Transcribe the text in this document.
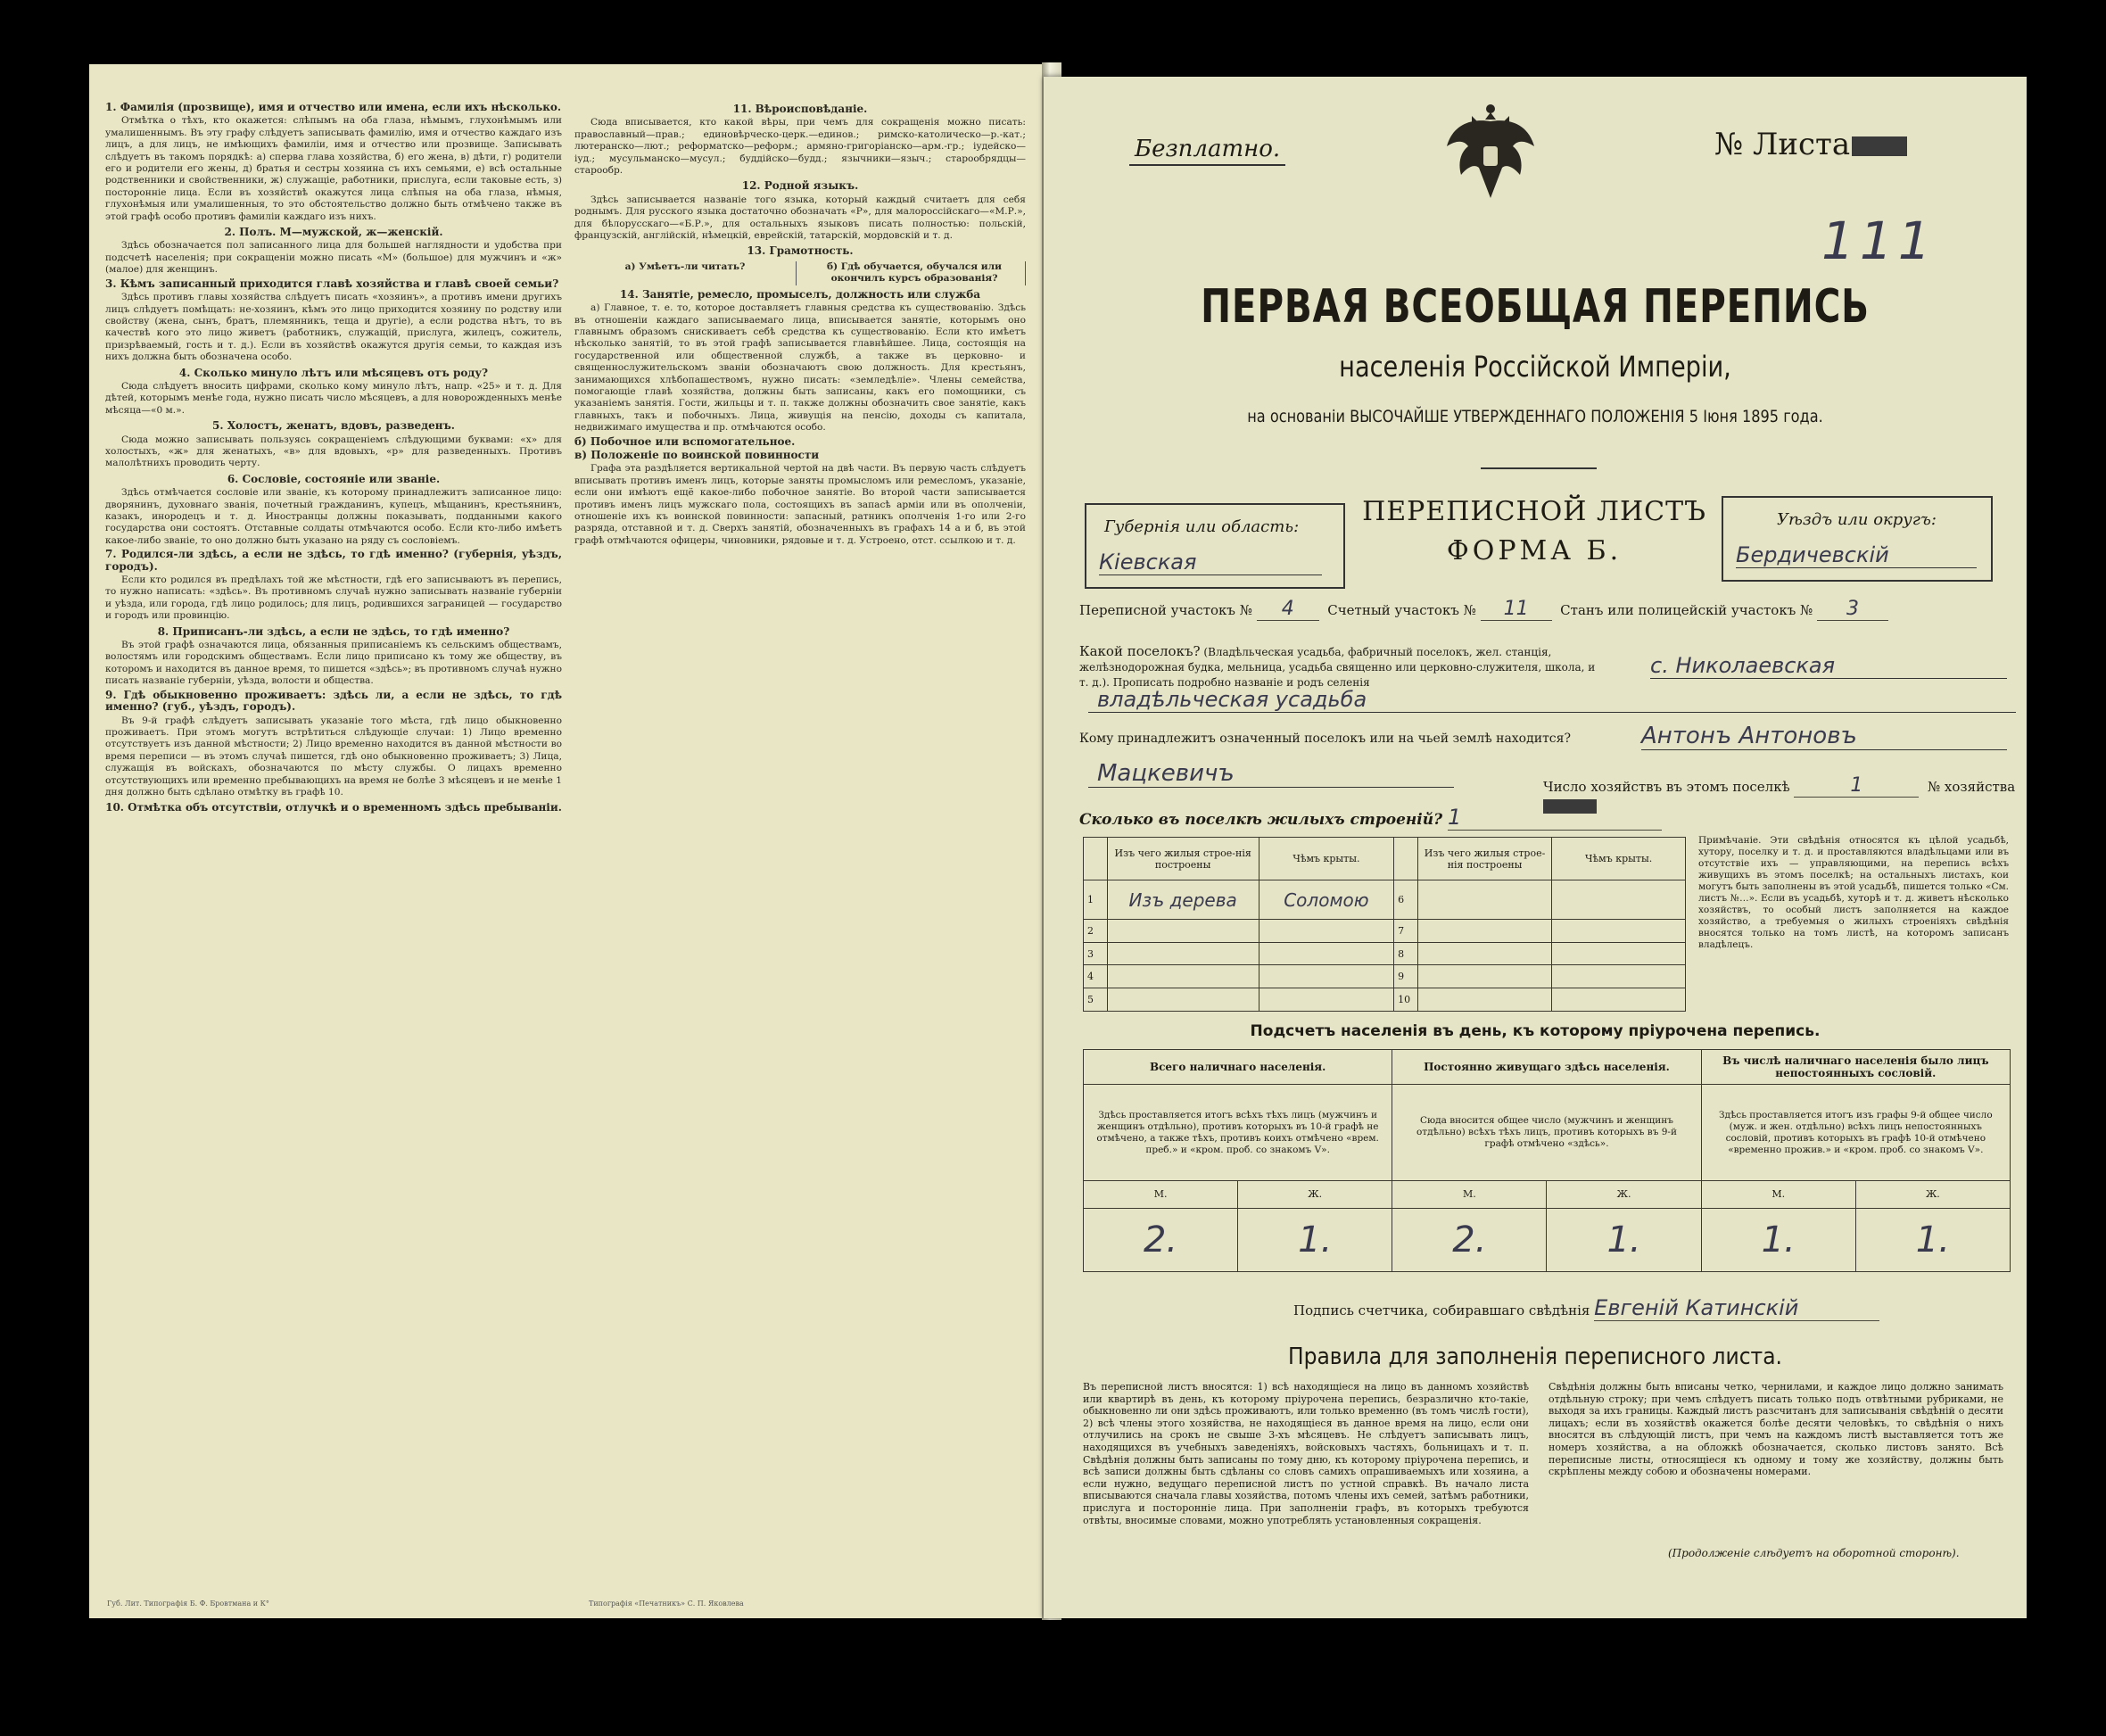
1. Фамилія (прозвище), имя и отчество или имена, если ихъ нѣсколько.
Отмѣтка о тѣхъ, кто окажется: слѣпымъ на оба глаза, нѣмымъ, глухонѣмымъ или умалишеннымъ. Въ эту графу слѣдуетъ записывать фамилію, имя и отчество каждаго изъ лицъ, а для лицъ, не имѣющихъ фамиліи, имя и отчество или прозвище. Записывать слѣдуетъ въ такомъ порядкѣ: а) сперва глава хозяйства, б) его жена, в) дѣти, г) родители его и родители его жены, д) братья и сестры хозяина съ ихъ семьями, е) всѣ остальные родственники и свойственники, ж) служащіе, работники, прислуга, если таковые есть, з) посторонніе лица. Если въ хозяйствѣ окажутся лица слѣпыя на оба глаза, нѣмыя, глухонѣмыя или умалишенныя, то это обстоятельство должно быть отмѣчено также въ этой графѣ особо противъ фамиліи каждаго изъ нихъ.
2. Полъ. М—мужской, ж—женскій.
Здѣсь обозначается пол записанного лица для большей наглядности и удобства при подсчетѣ населенія; при сокращеніи можно писать «М» (большое) для мужчинъ и «ж» (малое) для женщинъ.
3. Кѣмъ записанный приходится главѣ хозяйства и главѣ своей семьи?
Здѣсь противъ главы хозяйства слѣдуетъ писать «хозяинъ», а противъ имени другихъ лицъ слѣдуетъ помѣщать: не-хозяинъ, кѣмъ это лицо приходится хозяину по родству или свойству (жена, сынъ, братъ, племянникъ, теща и другіе), а если родства нѣтъ, то въ качествѣ кого это лицо живетъ (работникъ, служащій, прислуга, жилецъ, сожитель, призрѣваемый, гость и т. д.). Если въ хозяйствѣ окажутся другія семьи, то каждая изъ нихъ должна быть обозначена особо.
4. Сколько минуло лѣтъ или мѣсяцевъ отъ роду?
Сюда слѣдуетъ вносить цифрами, сколько кому минуло лѣтъ, напр. «25» и т. д. Для дѣтей, которымъ менѣе года, нужно писать число мѣсяцевъ, а для новорожденныхъ менѣе мѣсяца—«0 м.».
5. Холостъ, женатъ, вдовъ, разведенъ.
Сюда можно записывать пользуясь сокращеніемъ слѣдующими буквами: «х» для холостыхъ, «ж» для женатыхъ, «в» для вдовыхъ, «р» для разведенныхъ. Противъ малолѣтнихъ проводить черту.
6. Сословіе, состояніе или званіе.
Здѣсь отмѣчается сословіе или званіе, къ которому принадлежитъ записанное лицо: дворянинъ, духовнаго званія, почетный гражданинъ, купецъ, мѣщанинъ, крестьянинъ, казакъ, инородецъ и т. д. Иностранцы должны показывать, подданными какого государства они состоятъ. Отставные солдаты отмѣчаются особо. Если кто-либо имѣетъ какое-либо званіе, то оно должно быть указано на ряду съ сословіемъ.
7. Родился-ли здѣсь, а если не здѣсь, то гдѣ именно? (губернія, уѣздъ, городъ).
Если кто родился въ предѣлахъ той же мѣстности, гдѣ его записываютъ въ перепись, то нужно написать: «здѣсь». Въ противномъ случаѣ нужно записывать названіе губерніи и уѣзда, или города, гдѣ лицо родилось; для лицъ, родившихся заграницей — государство и городъ или провинцію.
8. Приписанъ-ли здѣсь, а если не здѣсь, то гдѣ именно?
Въ этой графѣ означаются лица, обязанныя приписаніемъ къ сельскимъ обществамъ, волостямъ или городскимъ обществамъ. Если лицо приписано къ тому же обществу, въ которомъ и находится въ данное время, то пишется «здѣсь»; въ противномъ случаѣ нужно писать названіе губерніи, уѣзда, волости и общества.
9. Гдѣ обыкновенно проживаетъ: здѣсь ли, а если не здѣсь, то гдѣ именно? (губ., уѣздъ, городъ).
Въ 9-й графѣ слѣдуетъ записывать указаніе того мѣста, гдѣ лицо обыкновенно проживаетъ. При этомъ могутъ встрѣтиться слѣдующіе случаи: 1) Лицо временно отсутствуетъ изъ данной мѣстности; 2) Лицо временно находится въ данной мѣстности во время переписи — въ этомъ случаѣ пишется, гдѣ оно обыкновенно проживаетъ; 3) Лица, служащія въ войскахъ, обозначаются по мѣсту службы. О лицахъ временно отсутствующихъ или временно пребывающихъ на время не болѣе 3 мѣсяцевъ и не менѣе 1 дня должно быть сдѣлано отмѣтку въ графѣ 10.
10. Отмѣтка объ отсутствіи, отлучкѣ и о временномъ здѣсь пребываніи.
11. Вѣроисповѣданіе.
Сюда вписывается, кто какой вѣры, при чемъ для сокращенія можно писать: православный—прав.; единовѣрческо-церк.—единов.; римско-католическо—р.-кат.; лютеранско—лют.; реформатско—реформ.; армяно-григоріанско—арм.-гр.; іудейско—іуд.; мусульманско—мусул.; буддійско—будд.; язычники—языч.; старообрядцы—старообр.
12. Родной языкъ.
Здѣсь записывается названіе того языка, который каждый считаетъ для себя роднымъ. Для русского языка достаточно обозначать «Р», для малороссійскаго—«М.Р.», для бѣлорусскаго—«Б.Р.», для остальныхъ языковъ писать полностью: польскій, французскій, англійскій, нѣмецкій, еврейскій, татарскій, мордовскій и т. д.
13. Грамотность.
а) Умѣетъ-ли читать?	б) Гдѣ обучается, обучался или окончилъ курсъ образованія?
14. Занятіе, ремесло, промыселъ, должность или служба
а) Главное, т. е. то, которое доставляетъ главныя средства къ существованію. Здѣсь въ отношеніи каждаго записываемаго лица, вписывается занятіе, которымъ оно главнымъ образомъ снискиваетъ себѣ средства къ существованію. Если кто имѣетъ нѣсколько занятій, то въ этой графѣ записывается главнѣйшее. Лица, состоящія на государственной или общественной службѣ, а также въ церковно- и священнослужительскомъ званіи обозначаютъ свою должность. Для крестьянъ, занимающихся хлѣбопашествомъ, нужно писать: «земледѣліе». Члены семейства, помогающіе главѣ хозяйства, должны быть записаны, какъ его помощники, съ указаніемъ занятія. Гости, жильцы и т. п. также должны обозначить свое занятіе, какъ главныхъ, такъ и побочныхъ. Лица, живущія на пенсію, доходы съ капитала, недвижимаго имущества и пр. отмѣчаются особо.
б) Побочное или вспомогательное.
в) Положеніе по воинской повинности
Графа эта раздѣляется вертикальной чертой на двѣ части. Въ первую часть слѣдуетъ вписывать противъ именъ лицъ, которые заняты промысломъ или ремесломъ, указаніе, если они имѣютъ ещё какое-либо побочное занятіе. Во второй части записывается противъ именъ лицъ мужскаго пола, состоящихъ въ запасѣ арміи или въ ополченіи, отношеніе ихъ къ воинской повинности: запасный, ратникъ ополченія 1-го или 2-го разряда, отставной и т. д. Сверхъ занятій, обозначенныхъ въ графахъ 14 а и б, въ этой графѣ отмѣчаются офицеры, чиновники, рядовые и т. д. Устроено, отст. ссылкою и т. д.
Губ. Лит. Типографія Б. Ф. Бровтмана и К°	Типографія «Печатникъ» С. П. Яковлева
Безплатно.	№ Листа
111
ПЕРВАЯ ВСЕОБЩАЯ ПЕРЕПИСЬ
населенія Россійской Имперіи,
на основаніи ВЫСОЧАЙШЕ УТВЕРЖДЕННАГО ПОЛОЖЕНІЯ 5 Іюня 1895 года.
Губернія или область:
Кіевская
ПЕРЕПИСНОЙ ЛИСТЪ
ФОРМА Б.
Уѣздъ или округъ:
Бердичевскій
Переписной участокъ № 4	Счетный участокъ № 11 Станъ или полицейскій участокъ № 3
Какой поселокъ? (Владѣльческая усадьба, фабричный поселокъ, жел. станція, желѣзнодорожная будка, мельница, усадьба священно или церковно-служителя, школа, и т. д.). Прописать подробно названіе и родъ селенія
с. Николаевская
владѣльческая усадьба
Кому принадлежитъ означенный поселокъ или на чьей землѣ находится?	Антонъ Антоновъ
Мацкевичъ	Число хозяйствъ въ этомъ поселкѣ	1	№ хозяйства
Сколько въ поселкѣ жилыхъ строеній? 1
	Изъ чего жилыя строе-нія построены	Чѣмъ крыты.		Изъ чего жилыя строе-нія построены	Чѣмъ крыты.
1	Изъ дерева	Соломою	6		
2			7		
3			8		
4			9		
5			10		
Примѣчаніе. Эти свѣдѣнія относятся къ цѣлой усадьбѣ, хутору, поселку и т. д. и проставляются владѣльцами или въ отсутствіе ихъ — управляющими, на перепись всѣхъ живущихъ въ этомъ поселкѣ; на остальныхъ листахъ, кои могутъ быть заполнены въ этой усадьбѣ, пишется только «См. листъ №…». Если въ усадьбѣ, хуторѣ и т. д. живетъ нѣсколько хозяйствъ, то особый листъ заполняется на каждое хозяйство, а требуемыя о жилыхъ строеніяхъ свѣдѣнія вносятся только на томъ листѣ, на которомъ записанъ владѣлецъ.
Подсчетъ населенія въ день, къ которому пріурочена перепись.
Всего наличнаго населенія.		Постоянно живущаго здѣсь населенія.		Въ числѣ наличнаго населенія было лицъ непостоянныхъ сословій.	
Здѣсь проставляется итогъ всѣхъ тѣхъ лицъ (мужчинъ и женщинъ отдѣльно), противъ которыхъ въ 10-й графѣ не отмѣчено, а также тѣхъ, противъ коихъ отмѣчено «врем. преб.» и «кром. проб. со знакомъ V».		Сюда вносится общее число (мужчинъ и женщинъ отдѣльно) всѣхъ тѣхъ лицъ, противъ которыхъ въ 9-й графѣ отмѣчено «здѣсь».		Здѣсь проставляется итогъ изъ графы 9-й общее число (муж. и жен. отдѣльно) всѣхъ лицъ непостоянныхъ сословій, противъ которыхъ въ графѣ 10-й отмѣчено «временно прожив.» и «кром. проб. со знакомъ V».	
М.	Ж.	М.	Ж.	М.	Ж.
2.	1.	2.	1.	1.	1.
Подпись счетчика, собиравшаго свѣдѣнія Евгеній Катинскій
Правила для заполненія переписного листа.
Въ переписной листъ вносятся: 1) всѣ находящіеся на лицо въ данномъ хозяйствѣ или квартирѣ въ день, къ которому пріурочена перепись, безразлично кто-такіе, обыкновенно ли они здѣсь проживаютъ, или только временно (въ томъ числѣ гости), 2) всѣ члены этого хозяйства, не находящіеся въ данное время на лицо, если они отлучились на срокъ не свыше 3-хъ мѣсяцевъ. Не слѣдуетъ записывать лицъ, находящихся въ учебныхъ заведеніяхъ, войсковыхъ частяхъ, больницахъ и т. п. Свѣдѣнія должны быть записаны по тому дню, къ которому пріурочена перепись, и всѣ записи должны быть сдѣланы со словъ самихъ опрашиваемыхъ или хозяина, а если нужно, ведущаго переписной листъ по устной справкѣ. Въ начало листа вписываются сначала главы хозяйства, потомъ члены ихъ семей, затѣмъ работники, прислуга и посторонніе лица. При заполненіи графъ, въ которыхъ требуются отвѣты, вносимые словами, можно употреблять установленныя сокращенія.
Свѣдѣнія должны быть вписаны четко, чернилами, и каждое лицо должно занимать отдѣльную строку; при чемъ слѣдуетъ писать только подъ отвѣтными рубриками, не выходя за ихъ границы. Каждый листъ разсчитанъ для записыванія свѣдѣній о десяти лицахъ; если въ хозяйствѣ окажется болѣе десяти человѣкъ, то свѣдѣнія о нихъ вносятся въ слѣдующій листъ, при чемъ на каждомъ листѣ выставляется тотъ же номеръ хозяйства, а на обложкѣ обозначается, сколько листовъ занято. Всѣ переписные листы, относящіеся къ одному и тому же хозяйству, должны быть скрѣплены между собою и обозначены номерами.
(Продолженіе слѣдуетъ на оборотной сторонѣ).
